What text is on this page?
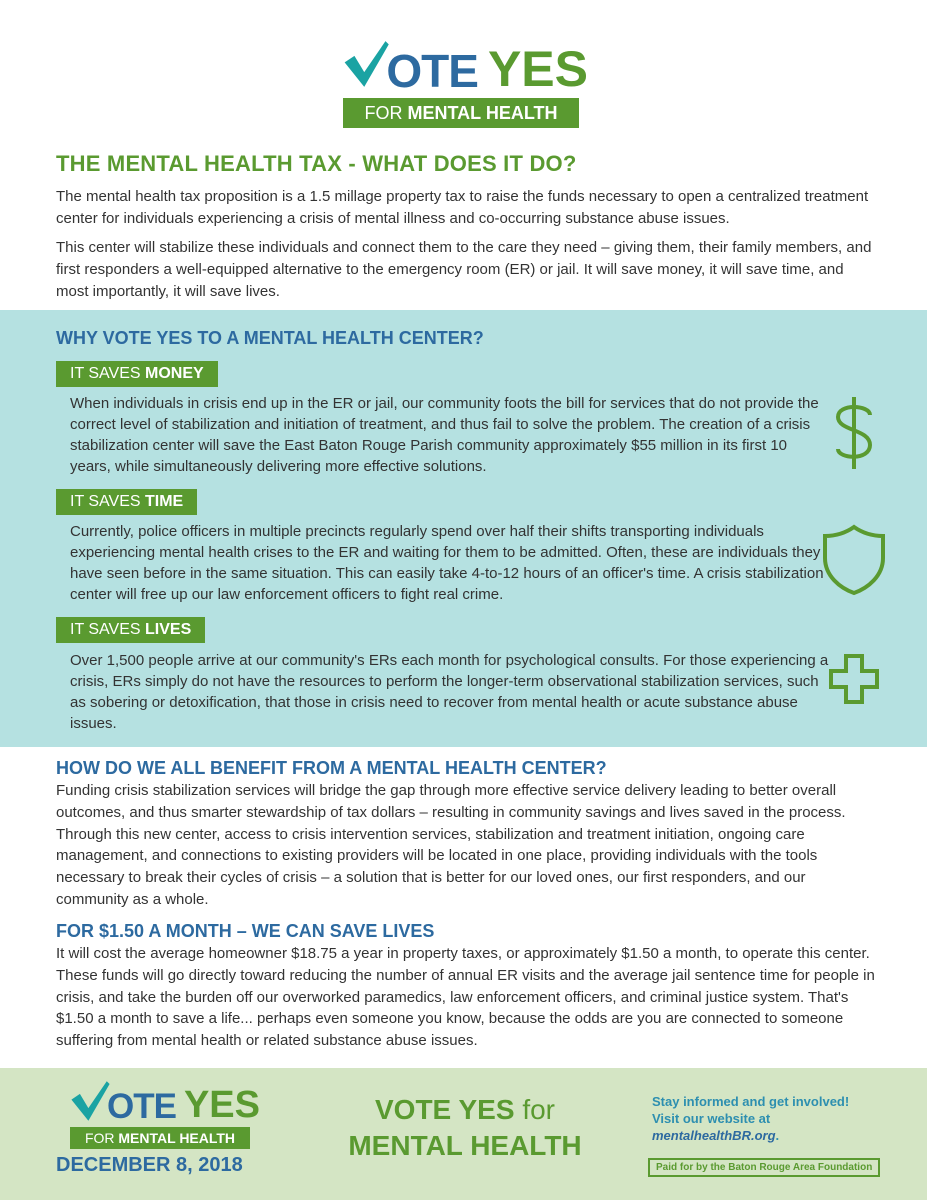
OTE YES
FOR MENTAL HEALTH
THE MENTAL HEALTH TAX - WHAT DOES IT DO?

The mental health tax proposition is a 1.5 millage property tax to raise the funds necessary to open a centralized treatment center for individuals experiencing a crisis of mental illness and co-occurring substance abuse issues.

This center will stabilize these individuals and connect them to the care they need – giving them, their family members, and first responders a well-equipped alternative to the emergency room (ER) or jail. It will save money, it will save time, and most importantly, it will save lives.

WHY VOTE YES TO A MENTAL HEALTH CENTER?
IT SAVES MONEY

When individuals in crisis end up in the ER or jail, our community foots the bill for services that do not provide the correct level of stabilization and initiation of treatment, and thus fail to solve the problem. The creation of a crisis stabilization center will save the East Baton Rouge Parish community approximately $55 million in its first 10 years, while simultaneously delivering more effective solutions.

IT SAVES TIME

Currently, police officers in multiple precincts regularly spend over half their shifts transporting individuals experiencing mental health crises to the ER and waiting for them to be admitted. Often, these are individuals they have seen before in the same situation. This can easily take 4-to-12 hours of an officer's time. A crisis stabilization center will free up our law enforcement officers to fight real crime.

IT SAVES LIVES

Over 1,500 people arrive at our community's ERs each month for psychological consults. For those experiencing a crisis, ERs simply do not have the resources to perform the longer-term observational stabilization services, such as sobering or detoxification, that those in crisis need to recover from mental health or acute substance abuse issues.

HOW DO WE ALL BENEFIT FROM A MENTAL HEALTH CENTER?

Funding crisis stabilization services will bridge the gap through more effective service delivery leading to better overall outcomes, and thus smarter stewardship of tax dollars – resulting in community savings and lives saved in the process. Through this new center, access to crisis intervention services, stabilization and treatment initiation, ongoing care management, and connections to existing providers will be located in one place, providing individuals with the tools necessary to break their cycles of crisis – a solution that is better for our loved ones, our first responders, and our community as a whole.

FOR $1.50 A MONTH – WE CAN SAVE LIVES

It will cost the average homeowner $18.75 a year in property taxes, or approximately $1.50 a month, to operate this center. These funds will go directly toward reducing the number of annual ER visits and the average jail sentence time for people in crisis, and take the burden off our overworked paramedics, law enforcement officers, and criminal justice system. That's $1.50 a month to save a life... perhaps even someone you know, because the odds are you are connected to someone suffering from mental health or related substance abuse issues.

OTE YES
FOR MENTAL HEALTH
DECEMBER 8, 2018
VOTE YES for
MENTAL HEALTH
Stay informed and get involved!
Visit our website at
mentalhealthBR.org.
Paid for by the Baton Rouge Area Foundation
